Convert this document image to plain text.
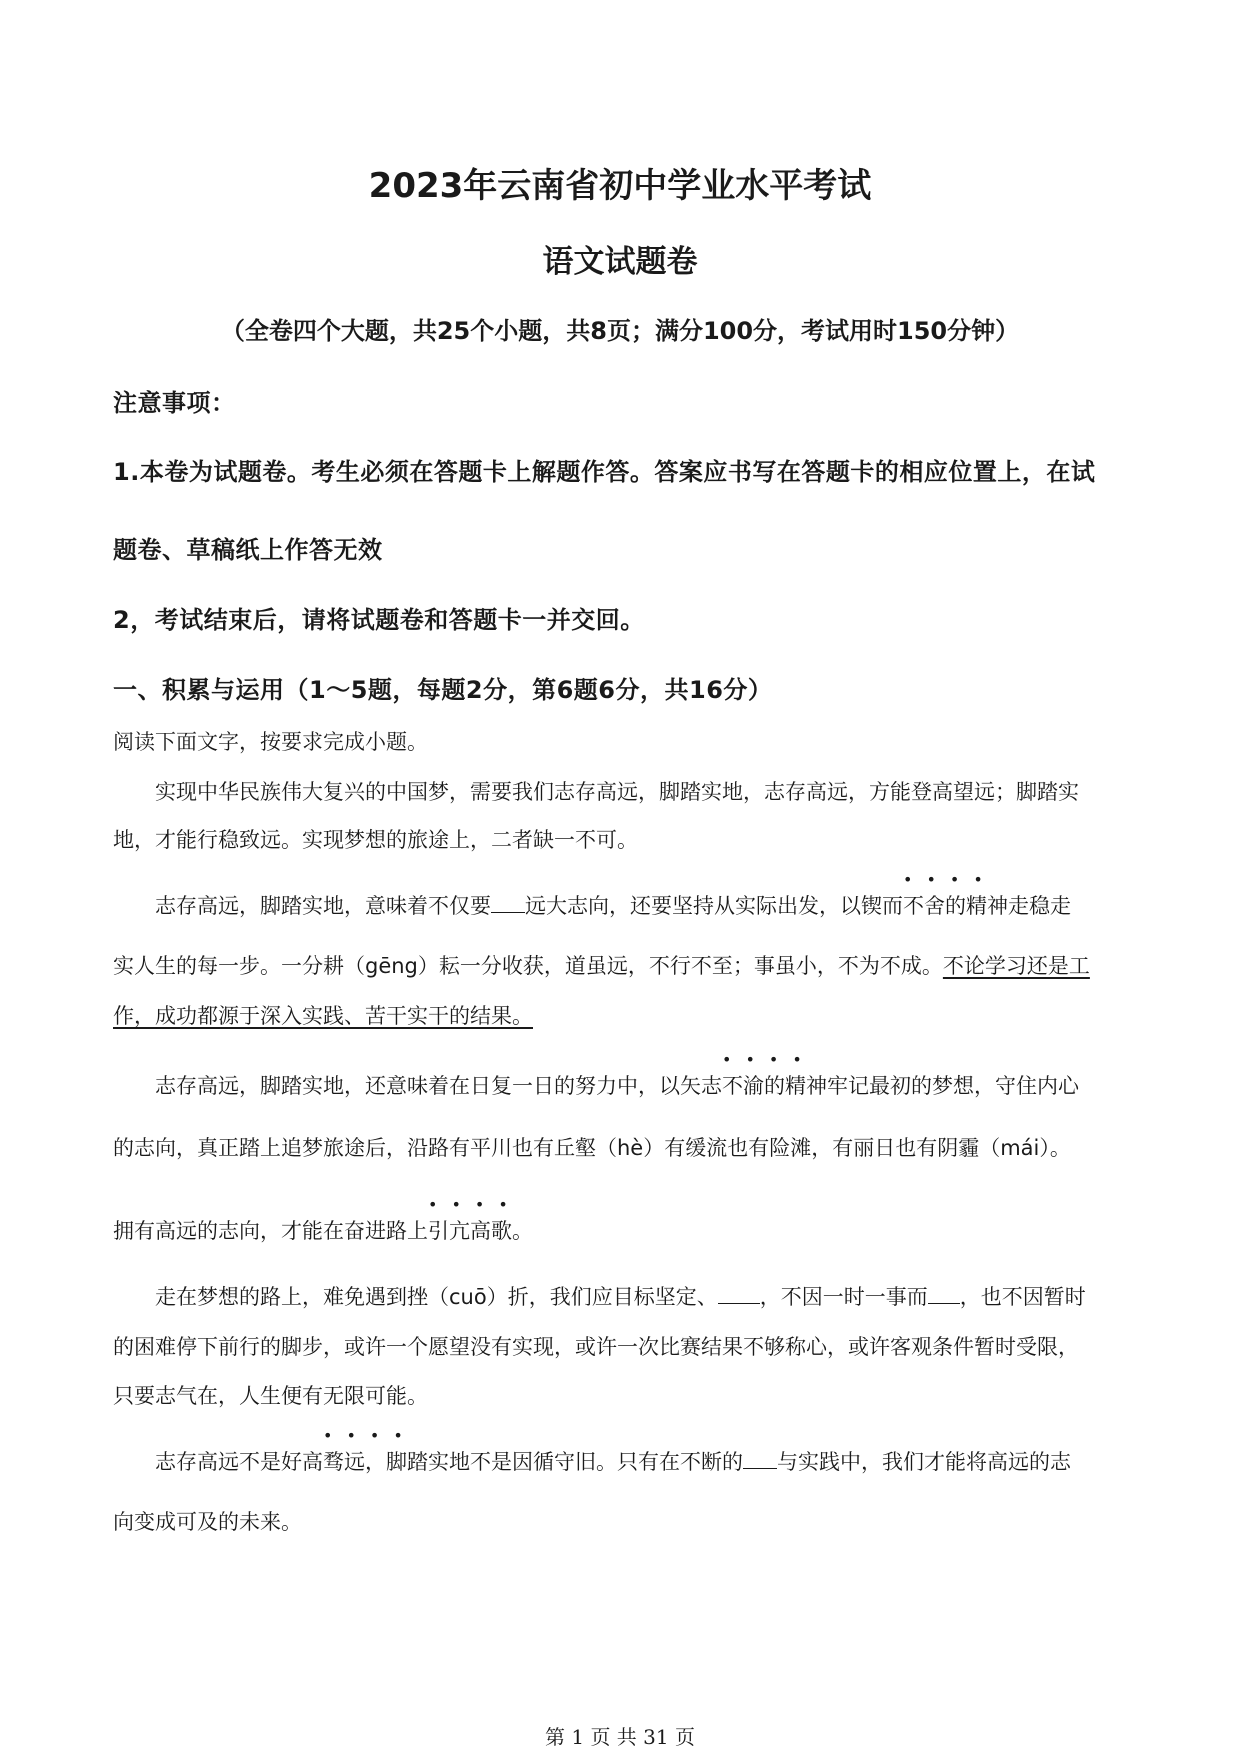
2023年云南省初中学业水平考试

语文试题卷

（全卷四个大题，共25个小题，共8页；满分100分，考试用时150分钟）

注意事项：

1.本卷为试题卷。考生必须在答题卡上解题作答。答案应书写在答题卡的相应位置上，在试

题卷、草稿纸上作答无效

2，考试结束后，请将试题卷和答题卡一并交回。

一、积累与运用（1～5题，每题2分，第6题6分，共16分）

阅读下面文字，按要求完成小题。

实现中华民族伟大复兴的中国梦，需要我们志存高远，脚踏实地，志存高远，方能登高望远；脚踏实

地，才能行稳致远。实现梦想的旅途上，二者缺一不可。

志存高远，脚踏实地，意味着不仅要 远大志向，还要坚持从实际出发，以
••••
锲而不舍的精神走稳走

实人生的每一步。一分耕（gēng）耘一分收获，道虽远，不行不至；事虽小，不为不成。不论学习还是工

作，成功都源于深入实践、苦干实干的结果。

志存高远，脚踏实地，还意味着在日复一日的努力中，以
••••
矢志不渝的精神牢记最初的梦想，守住内心

的志向，真正踏上追梦旅途后，沿路有平川也有丘壑（hè）有缓流也有险滩，有丽日也有阴霾（mái）。

拥有高远的志向，才能在奋进路上
••••
引亢高歌。

走在梦想的路上，难免遇到挫（cuō）折，我们应目标坚定、 ，不因一时一事而 ，也不因暂时

的困难停下前行的脚步，或许一个愿望没有实现，或许一次比赛结果不够称心，或许客观条件暂时受限，

只要志气在，人生便有无限可能。

志存高远不是
••••
好高骛远，脚踏实地不是因循守旧。只有在不断的 与实践中，我们才能将高远的志

向变成可及的未来。

第 1 页 共 31 页
